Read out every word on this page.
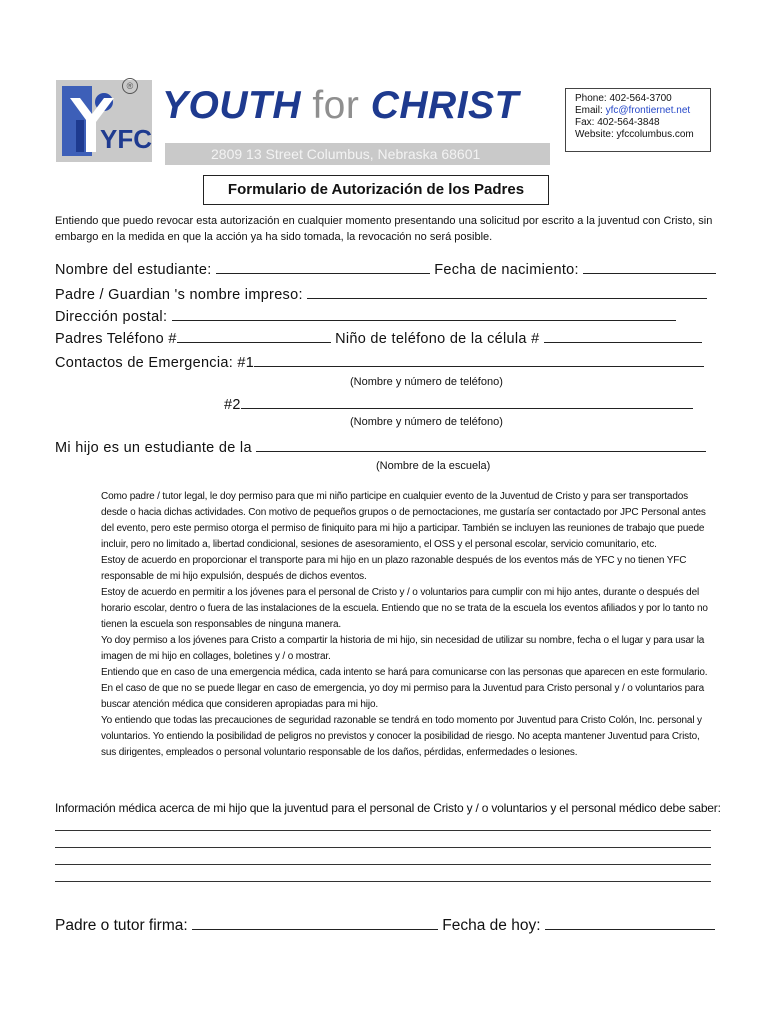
YFC
® YOUTH for CHRIST
2809 13 Street Columbus, Nebraska 68601
Phone: 402-564-3700
Email: yfc@frontiernet.net
Fax: 402-564-3848
Website: yfccolumbus.com
Formulario de Autorización de los Padres
Entiendo que puedo revocar esta autorización en cualquier momento presentando una solicitud por escrito a la juventud con Cristo, sin embargo en la medida en que la acción ya ha sido tomada, la revocación no será posible.
Nombre del estudiante:	Fecha de nacimiento:
Padre / Guardian 's nombre impreso:
Dirección postal:
Padres Teléfono #	Niño de teléfono de la célula #
Contactos de Emergencia: #1
(Nombre y número de teléfono)
#2
(Nombre y número de teléfono)
Mi hijo es un estudiante de la
(Nombre de la escuela)

Como padre / tutor legal, le doy permiso para que mi niño participe en cualquier evento de la Juventud de Cristo y para ser transportados desde o hacia dichas actividades. Con motivo de pequeños grupos o de pernoctaciones, me gustaría ser contactado por JPC Personal antes del evento, pero este permiso otorga el permiso de finiquito para mi hijo a participar. También se incluyen las reuniones de trabajo que puede incluir, pero no limitado a, libertad condicional, sesiones de asesoramiento, el OSS y el personal escolar, servicio comunitario, etc.

Estoy de acuerdo en proporcionar el transporte para mi hijo en un plazo razonable después de los eventos más de YFC y no tienen YFC responsable de mi hijo expulsión, después de dichos eventos.

Estoy de acuerdo en permitir a los jóvenes para el personal de Cristo y / o voluntarios para cumplir con mi hijo antes, durante o después del horario escolar, dentro o fuera de las instalaciones de la escuela. Entiendo que no se trata de la escuela los eventos afiliados y por lo tanto no tienen la escuela son responsables de ninguna manera.

Yo doy permiso a los jóvenes para Cristo a compartir la historia de mi hijo, sin necesidad de utilizar su nombre, fecha o el lugar y para usar la imagen de mi hijo en collages, boletines y / o mostrar.

Entiendo que en caso de una emergencia médica, cada intento se hará para comunicarse con las personas que aparecen en este formulario. En el caso de que no se puede llegar en caso de emergencia, yo doy mi permiso para la Juventud para Cristo personal y / o voluntarios para buscar atención médica que consideren apropiadas para mi hijo.

Yo entiendo que todas las precauciones de seguridad razonable se tendrá en todo momento por Juventud para Cristo Colón, Inc. personal y voluntarios. Yo entiendo la posibilidad de peligros no previstos y conocer la posibilidad de riesgo. No acepta mantener Juventud para Cristo, sus dirigentes, empleados o personal voluntario responsable de los daños, pérdidas, enfermedades o lesiones.

Información médica acerca de mi hijo que la juventud para el personal de Cristo y / o voluntarios y el personal médico debe saber:
Padre o tutor firma:	Fecha de hoy:
